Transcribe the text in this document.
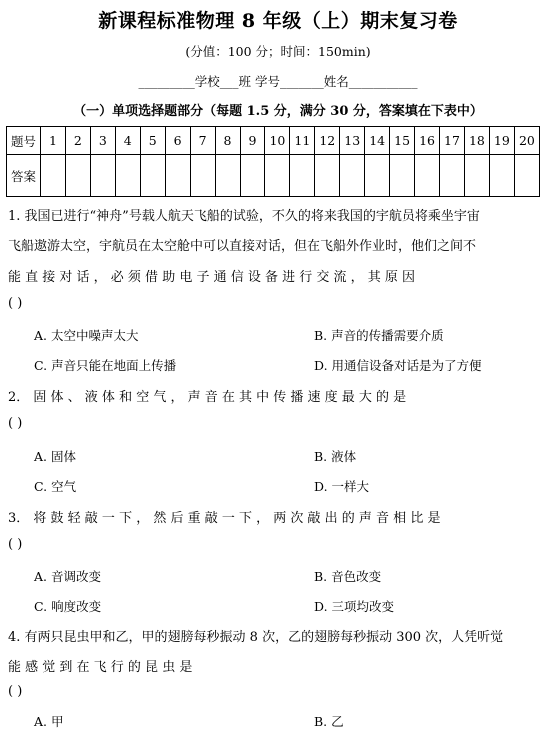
新课程标准物理 8 年级（上）期末复习卷
(分值：100 分；时间：150min)
_________学校___班 学号_______姓名___________
（一）单项选择题部分（每题 1.5 分，满分 30 分，答案填在下表中）
题号	1	2	3	4	5	6	7	8	9	10	11	12	13	14	15	16	17	18	19	20
答案																				
1. 我国已进行“神舟”号载人航天飞船的试验，不久的将来我国的宇航员将乘坐宇宙
飞船遨游太空，宇航员在太空舱中可以直接对话，但在飞船外作业时，他们之间不
能 直 接 对 话 ， 必 须 借 助 电 子 通 信 设 备 进 行 交 流 ， 其 原 因
( )
A. 太空中噪声太大	B. 声音的传播需要介质
C. 声音只能在地面上传播	D. 用通信设备对话是为了方便
2． 固 体 、 液 体 和 空 气 ， 声 音 在 其 中 传 播 速 度 最 大 的 是
( )
A. 固体	B. 液体
C. 空气	D. 一样大
3． 将 鼓 轻 敲 一 下 ， 然 后 重 敲 一 下 ， 两 次 敲 出 的 声 音 相 比 是
( )
A. 音调改变	B. 音色改变
C. 响度改变	D. 三项均改变
4. 有两只昆虫甲和乙，甲的翅膀每秒振动 8 次，乙的翅膀每秒振动 300 次，人凭听觉
能 感 觉 到 在 飞 行 的 昆 虫 是
( )
A. 甲	B. 乙
